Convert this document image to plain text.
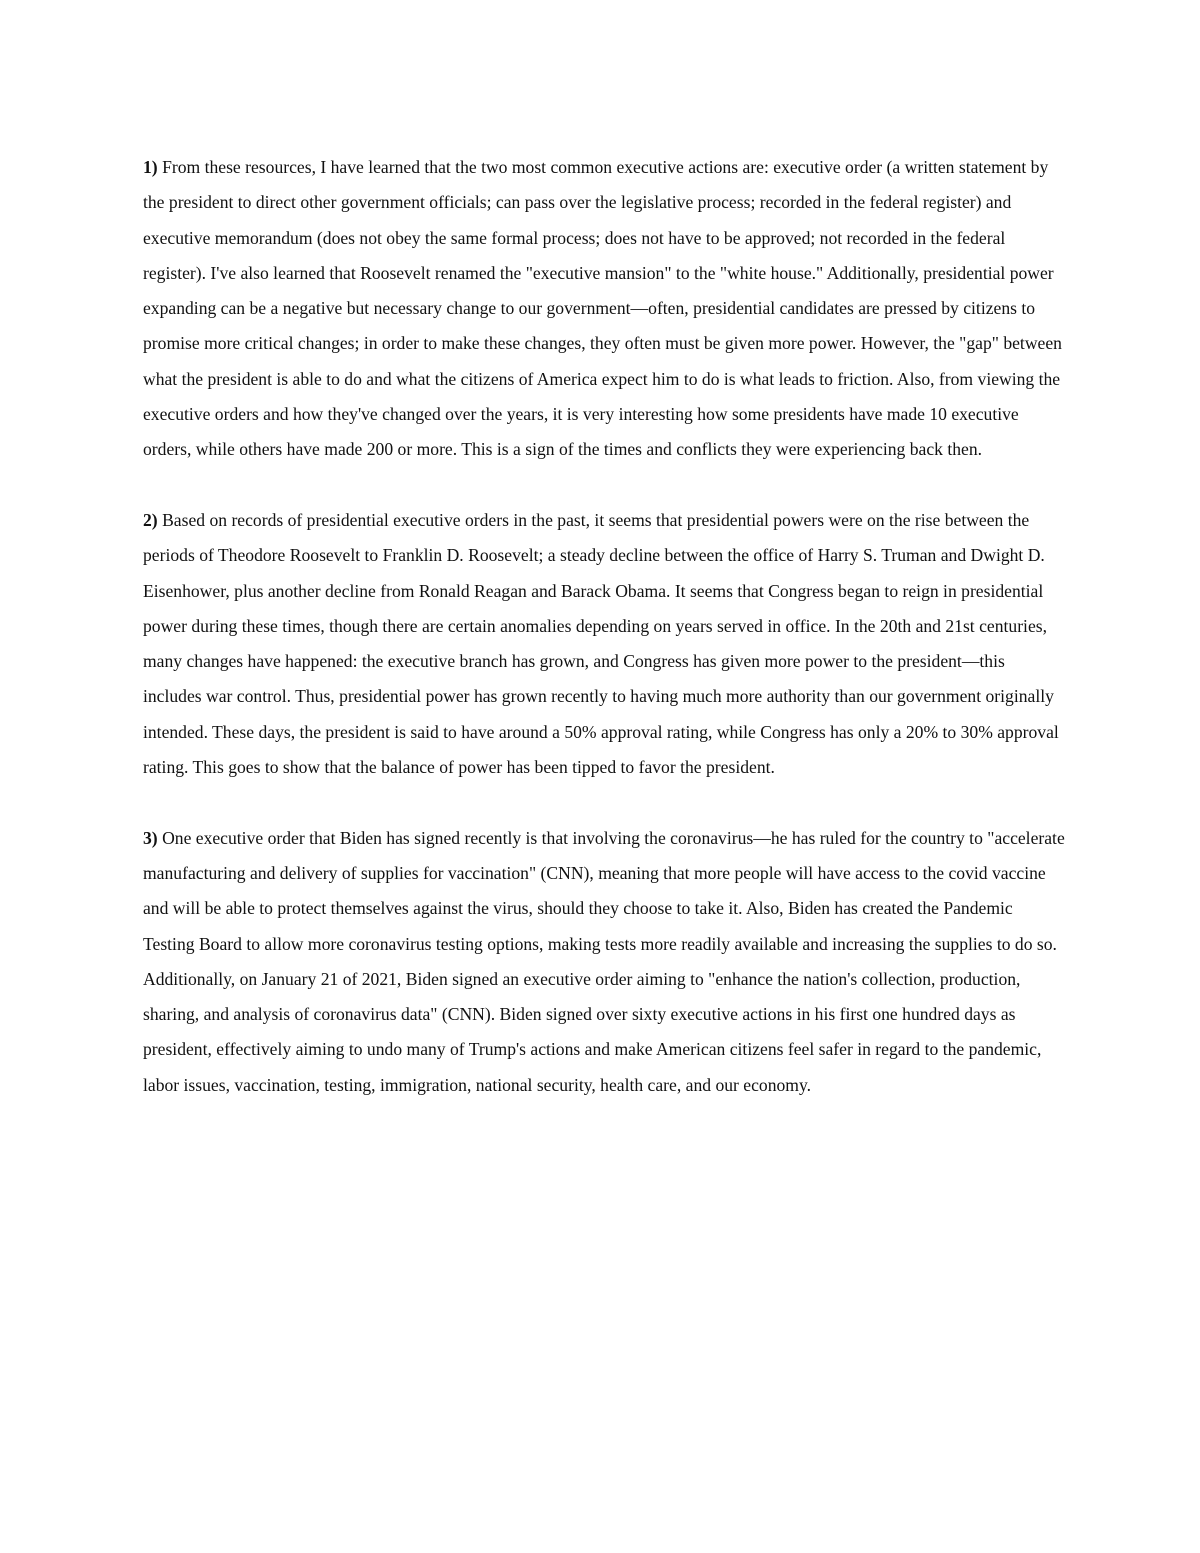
1) From these resources, I have learned that the two most common executive actions are: executive order (a written statement by the president to direct other government officials; can pass over the legislative process; recorded in the federal register) and executive memorandum (does not obey the same formal process; does not have to be approved; not recorded in the federal register). I've also learned that Roosevelt renamed the "executive mansion" to the "white house." Additionally, presidential power expanding can be a negative but necessary change to our government—often, presidential candidates are pressed by citizens to promise more critical changes; in order to make these changes, they often must be given more power. However, the "gap" between what the president is able to do and what the citizens of America expect him to do is what leads to friction. Also, from viewing the executive orders and how they've changed over the years, it is very interesting how some presidents have made 10 executive orders, while others have made 200 or more. This is a sign of the times and conflicts they were experiencing back then.

2) Based on records of presidential executive orders in the past, it seems that presidential powers were on the rise between the periods of Theodore Roosevelt to Franklin D. Roosevelt; a steady decline between the office of Harry S. Truman and Dwight D. Eisenhower, plus another decline from Ronald Reagan and Barack Obama. It seems that Congress began to reign in presidential power during these times, though there are certain anomalies depending on years served in office. In the 20th and 21st centuries, many changes have happened: the executive branch has grown, and Congress has given more power to the president—this includes war control. Thus, presidential power has grown recently to having much more authority than our government originally intended. These days, the president is said to have around a 50% approval rating, while Congress has only a 20% to 30% approval rating. This goes to show that the balance of power has been tipped to favor the president.

3) One executive order that Biden has signed recently is that involving the coronavirus—he has ruled for the country to "accelerate manufacturing and delivery of supplies for vaccination" (CNN), meaning that more people will have access to the covid vaccine and will be able to protect themselves against the virus, should they choose to take it. Also, Biden has created the Pandemic Testing Board to allow more coronavirus testing options, making tests more readily available and increasing the supplies to do so. Additionally, on January 21 of 2021, Biden signed an executive order aiming to "enhance the nation's collection, production, sharing, and analysis of coronavirus data" (CNN). Biden signed over sixty executive actions in his first one hundred days as president, effectively aiming to undo many of Trump's actions and make American citizens feel safer in regard to the pandemic, labor issues, vaccination, testing, immigration, national security, health care, and our economy.
